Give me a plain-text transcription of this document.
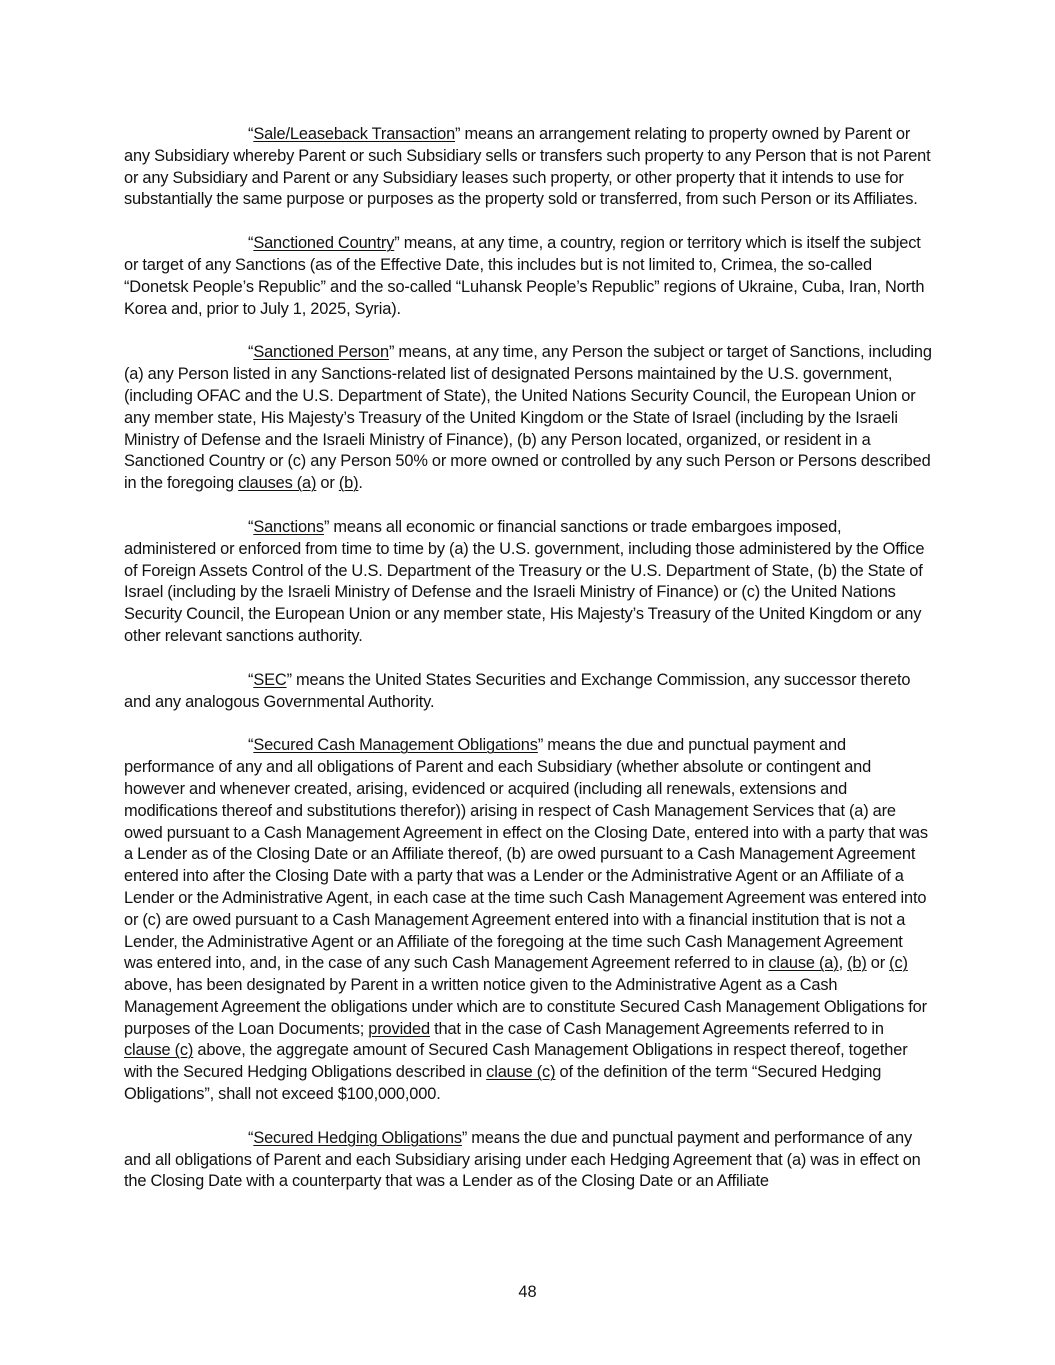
“Sale/Leaseback Transaction” means an arrangement relating to property owned by Parent or any Subsidiary whereby Parent or such Subsidiary sells or transfers such property to any Person that is not Parent or any Subsidiary and Parent or any Subsidiary leases such property, or other property that it intends to use for substantially the same purpose or purposes as the property sold or transferred, from such Person or its Affiliates.

“Sanctioned Country” means, at any time, a country, region or territory which is itself the subject or target of any Sanctions (as of the Effective Date, this includes but is not limited to, Crimea, the so-called “Donetsk People’s Republic” and the so-called “Luhansk People’s Republic” regions of Ukraine, Cuba, Iran, North Korea and, prior to July 1, 2025, Syria).

“Sanctioned Person” means, at any time, any Person the subject or target of Sanctions, including (a) any Person listed in any Sanctions-related list of designated Persons maintained by the U.S. government, (including OFAC and the U.S. Department of State), the United Nations Security Council, the European Union or any member state, His Majesty’s Treasury of the United Kingdom or the State of Israel (including by the Israeli Ministry of Defense and the Israeli Ministry of Finance), (b) any Person located, organized, or resident in a Sanctioned Country or (c) any Person 50% or more owned or controlled by any such Person or Persons described in the foregoing clauses (a) or (b).

“Sanctions” means all economic or financial sanctions or trade embargoes imposed, administered or enforced from time to time by (a) the U.S. government, including those administered by the Office of Foreign Assets Control of the U.S. Department of the Treasury or the U.S. Department of State, (b) the State of Israel (including by the Israeli Ministry of Defense and the Israeli Ministry of Finance) or (c) the United Nations Security Council, the European Union or any member state, His Majesty’s Treasury of the United Kingdom or any other relevant sanctions authority.

“SEC” means the United States Securities and Exchange Commission, any successor thereto and any analogous Governmental Authority.

“Secured Cash Management Obligations” means the due and punctual payment and performance of any and all obligations of Parent and each Subsidiary (whether absolute or contingent and however and whenever created, arising, evidenced or acquired (including all renewals, extensions and modifications thereof and substitutions therefor)) arising in respect of Cash Management Services that (a) are owed pursuant to a Cash Management Agreement in effect on the Closing Date, entered into with a party that was a Lender as of the Closing Date or an Affiliate thereof, (b) are owed pursuant to a Cash Management Agreement entered into after the Closing Date with a party that was a Lender or the Administrative Agent or an Affiliate of a Lender or the Administrative Agent, in each case at the time such Cash Management Agreement was entered into or (c) are owed pursuant to a Cash Management Agreement entered into with a financial institution that is not a Lender, the Administrative Agent or an Affiliate of the foregoing at the time such Cash Management Agreement was entered into, and, in the case of any such Cash Management Agreement referred to in clause (a), (b) or (c) above, has been designated by Parent in a written notice given to the Administrative Agent as a Cash Management Agreement the obligations under which are to constitute Secured Cash Management Obligations for purposes of the Loan Documents; provided that in the case of Cash Management Agreements referred to in clause (c) above, the aggregate amount of Secured Cash Management Obligations in respect thereof, together with the Secured Hedging Obligations described in clause (c) of the definition of the term “Secured Hedging Obligations”, shall not exceed $100,000,000.

“Secured Hedging Obligations” means the due and punctual payment and performance of any and all obligations of Parent and each Subsidiary arising under each Hedging Agreement that (a) was in effect on the Closing Date with a counterparty that was a Lender as of the Closing Date or an Affiliate

48
